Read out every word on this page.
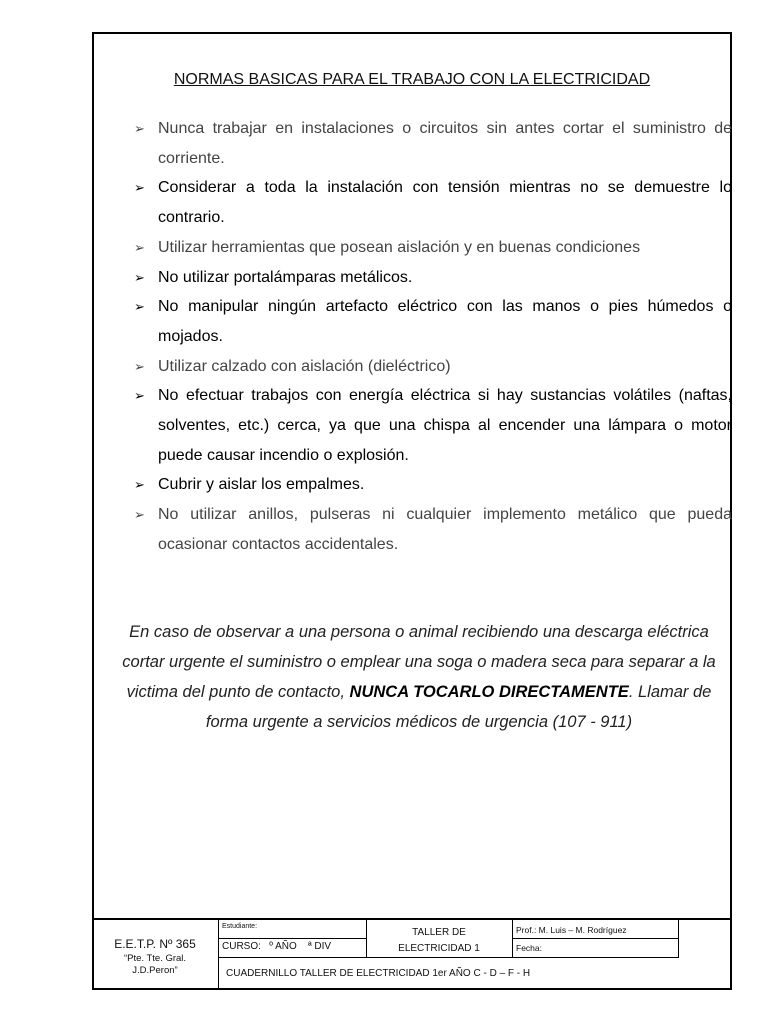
NORMAS BASICAS PARA EL TRABAJO CON LA ELECTRICIDAD
➢ Nunca trabajar en instalaciones o circuitos sin antes cortar el suministro de corriente.
➢ Considerar a toda la instalación con tensión mientras no se demuestre lo contrario.
➢ Utilizar herramientas que posean aislación y en buenas condiciones
➢ No utilizar portalámparas metálicos.
➢ No manipular ningún artefacto eléctrico con las manos o pies húmedos o mojados.
➢ Utilizar calzado con aislación (dieléctrico)
➢ No efectuar trabajos con energía eléctrica si hay sustancias volátiles (naftas, solventes, etc.) cerca, ya que una chispa al encender una lámpara o motor puede causar incendio o explosión.
➢ Cubrir y aislar los empalmes.
➢ No utilizar anillos, pulseras ni cualquier implemento metálico que pueda ocasionar contactos accidentales.
En caso de observar a una persona o animal recibiendo una descarga eléctrica cortar urgente el suministro o emplear una soga o madera seca para separar a la victima del punto de contacto, NUNCA TOCARLO DIRECTAMENTE. Llamar de forma urgente a servicios médicos de urgencia (107 - 911)
E.E.T.P. Nº 365
“Pte. Tte. Gral.
J.D.Peron”
Estudiante:
CURSO: º AÑO ª DIV
TALLER DE
ELECTRICIDAD 1
Prof.: M. Luis – M. Rodríguez
Fecha:
CUADERNILLO TALLER DE ELECTRICIDAD 1er AÑO C - D – F - H
